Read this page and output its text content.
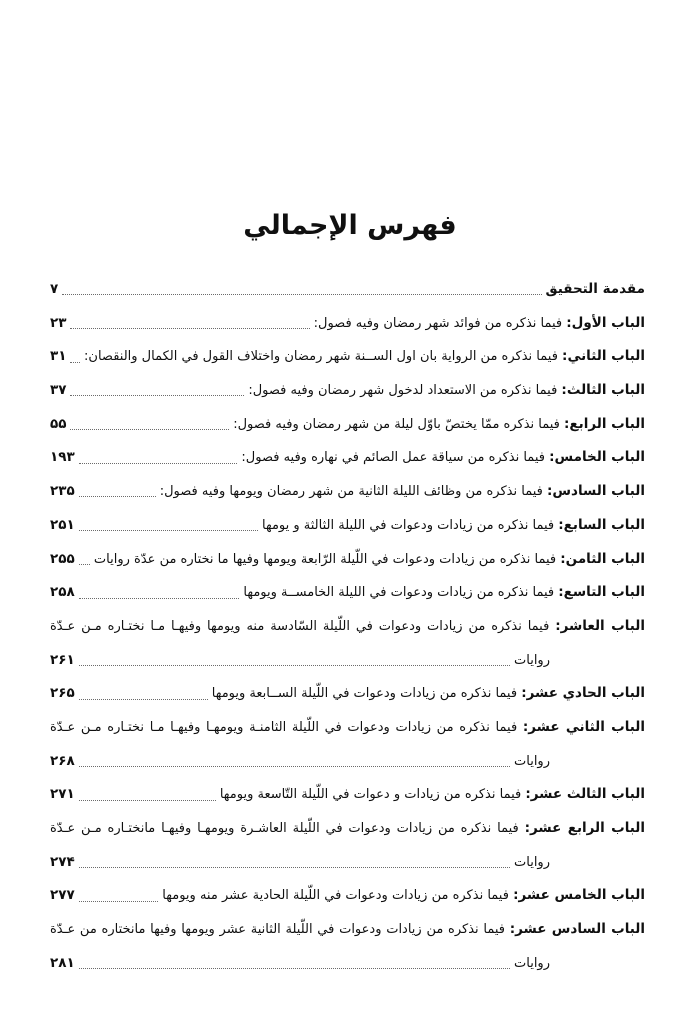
فهرس الإجمالي
مقدمة التحقيق
۷
الباب الأول: فيما نذكره من فوائد شهر رمضان وفيه فصول:
۲۳
الباب الثاني: فيما نذكره من الرواية بان اول الســنة شهر رمضان واختلاف القول في الكمال والنقصان:
۳۱
الباب الثالث: فيما نذكره من الاستعداد لدخول شهر رمضان وفيه فصول:
۳۷
الباب الرابع: فيما نذكره ممّا يختصّ باوّل ليلة من شهر رمضان وفيه فصول:
۵۵
الباب الخامس: فيما نذكره من سياقة عمل الصائم في نهاره وفيه فصول:
۱۹۳
الباب السادس: فيما نذكره من وظائف الليلة الثانية من شهر رمضان ويومها وفيه فصول:
۲۳۵
الباب السابع: فيما نذكره من زيادات ودعوات في الليلة الثالثة و يومها
۲۵۱
الباب الثامن: فيما نذكره من زيادات ودعوات في اللّيلة الرّابعة ويومها وفيها ما نختاره من عدّة روايات
۲۵۵
الباب التاسع: فيما نذكره من زيادات ودعوات في الليلة الخامســة ويومها
۲۵۸
الباب العاشر: فيما نذكره من زيادات ودعوات في اللّيلة السّادسة منه ويومها وفيهـا مـا نختـاره مـن عـدّة
روايات
۲۶۱
الباب الحادي عشر: فيما نذكره من زيادات ودعوات في اللّيلة الســابعة ويومها
۲۶۵
الباب الثاني عشر: فيما نذكره من زيادات ودعوات في اللّيلة الثامنـة ويومهـا وفيهـا مـا نختـاره مـن عـدّة
روايات
۲۶۸
الباب الثالث عشر: فيما نذكره من زيادات و دعوات في اللّيلة التّاسعة ويومها
۲۷۱
الباب الرابع عشر: فيما نذكره من زيادات ودعوات في اللّيلة العاشـرة ويومهـا وفيهـا مانختـاره مـن عـدّة
روايات
۲۷۴
الباب الخامس عشر: فيما نذكره من زيادات ودعوات في اللّيلة الحادية عشر منه ويومها
۲۷۷
الباب السادس عشر: فيما نذكره من زيادات ودعوات في اللّيلة الثانية عشر ويومها وفيها مانختاره من عـدّة
روايات
۲۸۱
